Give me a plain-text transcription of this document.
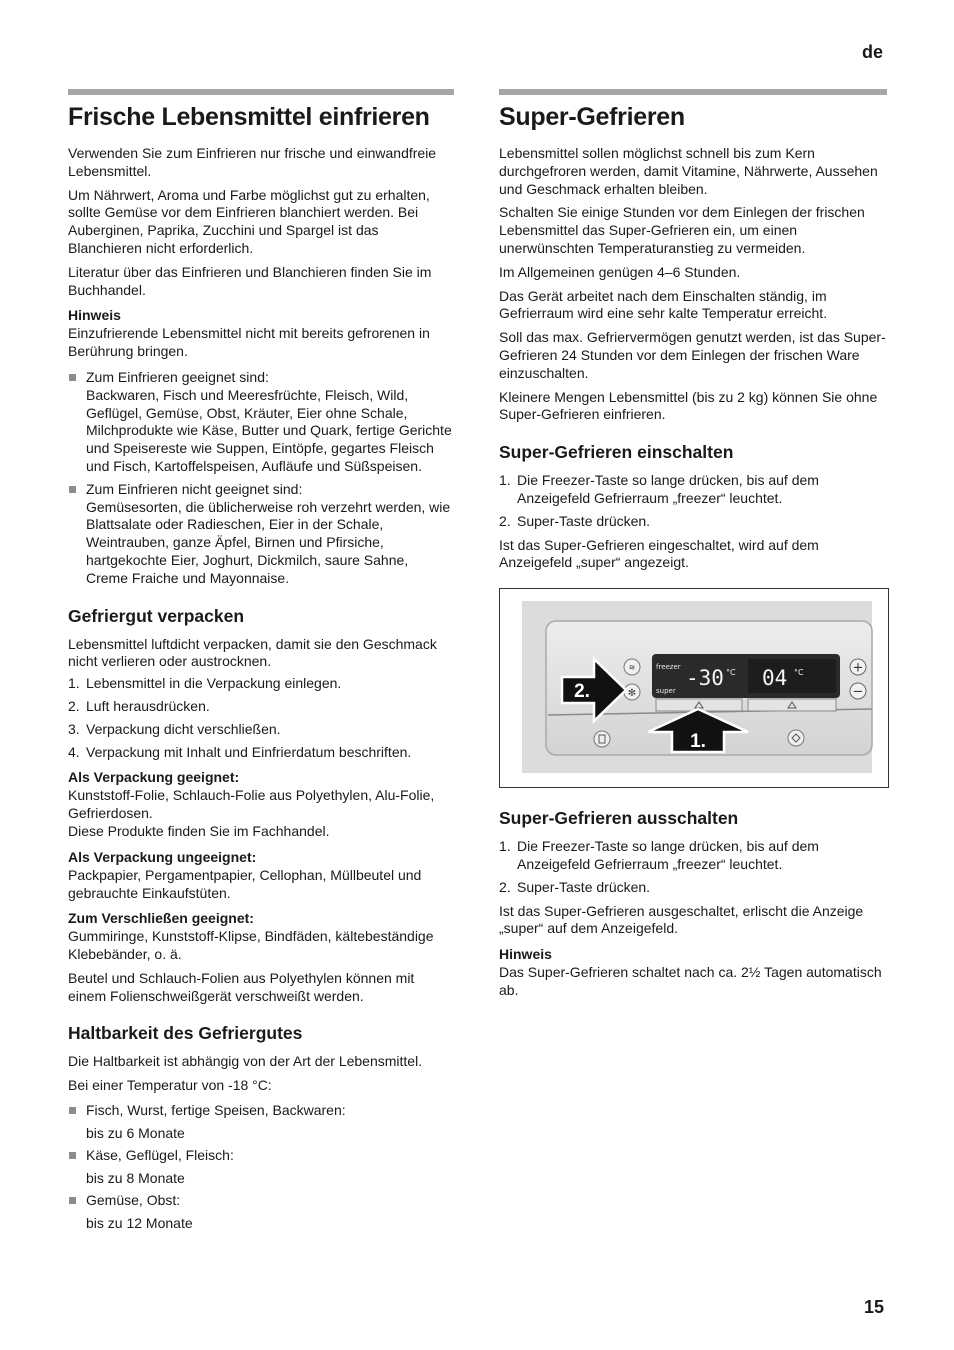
de
Frische Lebensmittel einfrieren

Verwenden Sie zum Einfrieren nur frische und einwandfreie Lebensmittel.

Um Nährwert, Aroma und Farbe möglichst gut zu erhalten, sollte Gemüse vor dem Einfrieren blanchiert werden. Bei Auberginen, Paprika, Zucchini und Spargel ist das Blanchieren nicht erforderlich.

Literatur über das Einfrieren und Blanchieren finden Sie im Buchhandel.

Hinweis

Einzufrierende Lebensmittel nicht mit bereits gefrorenen in Berührung bringen.

Zum Einfrieren geeignet sind:
Backwaren, Fisch und Meeresfrüchte, Fleisch, Wild, Geflügel, Gemüse, Obst, Kräuter, Eier ohne Schale, Milchprodukte wie Käse, Butter und Quark, fertige Gerichte und Speisereste wie Suppen, Eintöpfe, gegartes Fleisch und Fisch, Kartoffelspeisen, Aufläufe und Süßspeisen.
Zum Einfrieren nicht geeignet sind:
Gemüsesorten, die üblicherweise roh verzehrt werden, wie Blattsalate oder Radieschen, Eier in der Schale, Weintrauben, ganze Äpfel, Birnen und Pfirsiche, hartgekochte Eier, Joghurt, Dickmilch, saure Sahne, Creme Fraiche und Mayonnaise.
Gefriergut verpacken

Lebensmittel luftdicht verpacken, damit sie den Geschmack nicht verlieren oder austrocknen.

1. Lebensmittel in die Verpackung einlegen.
2. Luft herausdrücken.
3. Verpackung dicht verschließen.
4. Verpackung mit Inhalt und Einfrierdatum beschriften.
Als Verpackung geeignet:

Kunststoff-Folie, Schlauch-Folie aus Polyethylen, Alu-Folie, Gefrierdosen.
Diese Produkte finden Sie im Fachhandel.

Als Verpackung ungeeignet:

Packpapier, Pergamentpapier, Cellophan, Müllbeutel und gebrauchte Einkaufstüten.

Zum Verschließen geeignet:

Gummiringe, Kunststoff-Klipse, Bindfäden, kältebeständige Klebebänder, o. ä.

Beutel und Schlauch-Folien aus Polyethylen können mit einem Folienschweißgerät verschweißt werden.

Haltbarkeit des Gefriergutes

Die Haltbarkeit ist abhängig von der Art der Lebensmittel.

Bei einer Temperatur von -18 °C:

Fisch, Wurst, fertige Speisen, Backwaren:
bis zu 6 Monate
Käse, Geflügel, Fleisch:
bis zu 8 Monate
Gemüse, Obst:
bis zu 12 Monate
Super-Gefrieren

Lebensmittel sollen möglichst schnell bis zum Kern durchgefroren werden, damit Vitamine, Nährwerte, Aussehen und Geschmack erhalten bleiben.

Schalten Sie einige Stunden vor dem Einlegen der frischen Lebensmittel das Super-Gefrieren ein, um einen unerwünschten Temperaturanstieg zu vermeiden.

Im Allgemeinen genügen 4–6 Stunden.

Das Gerät arbeitet nach dem Einschalten ständig, im Gefrierraum wird eine sehr kalte Temperatur erreicht.

Soll das max. Gefriervermögen genutzt werden, ist das Super-Gefrieren 24 Stunden vor dem Einlegen der frischen Ware einzuschalten.

Kleinere Mengen Lebensmittel (bis zu 2 kg) können Sie ohne Super-Gefrieren einfrieren.

Super-Gefrieren einschalten
1. Die Freezer-Taste so lange drücken, bis auf dem Anzeigefeld Gefrierraum „freezer“ leuchtet.
2. Super-Taste drücken.

Ist das Super-Gefrieren eingeschaltet, wird auf dem Anzeigefeld „super“ angezeigt.

≋
✻
freezer
super
-30 °C 04 °C	+
−
2.
1.
Super-Gefrieren ausschalten
1. Die Freezer-Taste so lange drücken, bis auf dem Anzeigefeld Gefrierraum „freezer“ leuchtet.
2. Super-Taste drücken.

Ist das Super-Gefrieren ausgeschaltet, erlischt die Anzeige „super“ auf dem Anzeigefeld.

Hinweis

Das Super-Gefrieren schaltet nach ca. 2½ Tagen automatisch ab.

15
